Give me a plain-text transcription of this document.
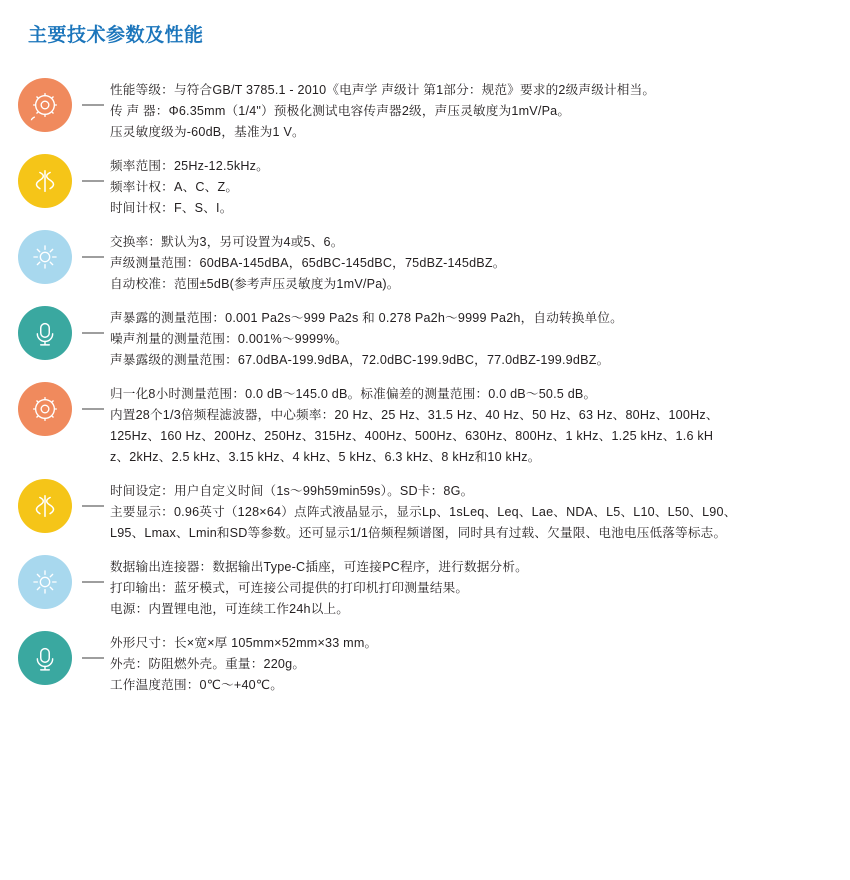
主要技术参数及性能
性能等级：与符合GB/T 3785.1 - 2010《电声学 声级计 第1部分：规范》要求的2级声级计相当。
传 声 器：Φ6.35mm（1/4"）预极化测试电容传声器2级，声压灵敏度为1mV/Pa。
压灵敏度级为-60dB，基准为1 V。
频率范围：25Hz-12.5kHz。
频率计权：A、C、Z。
时间计权：F、S、I。
交换率：默认为3，另可设置为4或5、6。
声级测量范围：60dBA-145dBA，65dBC-145dBC，75dBZ-145dBZ。
自动校准：范围±5dB(参考声压灵敏度为1mV/Pa)。
声暴露的测量范围：0.001 Pa2s～999 Pa2s 和 0.278 Pa2h～9999 Pa2h，自动转换单位。
噪声剂量的测量范围：0.001%～9999%。
声暴露级的测量范围：67.0dBA-199.9dBA，72.0dBC-199.9dBC，77.0dBZ-199.9dBZ。
归一化8小时测量范围：0.0 dB～145.0 dB。标准偏差的测量范围：0.0 dB～50.5 dB。
内置28个1/3倍频程滤波器，中心频率：20 Hz、25 Hz、31.5 Hz、40 Hz、50 Hz、63 Hz、80Hz、100Hz、
125Hz、160 Hz、200Hz、250Hz、315Hz、400Hz、500Hz、630Hz、800Hz、1 kHz、1.25 kHz、1.6 kH
z、2kHz、2.5 kHz、3.15 kHz、4 kHz、5 kHz、6.3 kHz、8 kHz和10 kHz。
时间设定：用户自定义时间（1s～99h59min59s）。SD卡：8G。
主要显示：0.96英寸（128×64）点阵式液晶显示，显示Lp、1sLeq、Leq、Lae、NDA、L5、L10、L50、L90、
L95、Lmax、Lmin和SD等参数。还可显示1/1倍频程频谱图，同时具有过载、欠量限、电池电压低落等标志。
数据输出连接器：数据输出Type-C插座，可连接PC程序，进行数据分析。
打印输出：蓝牙模式，可连接公司提供的打印机打印测量结果。
电源：内置锂电池，可连续工作24h以上。
外形尺寸：长×宽×厚 105mm×52mm×33 mm。
外壳：防阻燃外壳。重量：220g。
工作温度范围：0℃～+40℃。
